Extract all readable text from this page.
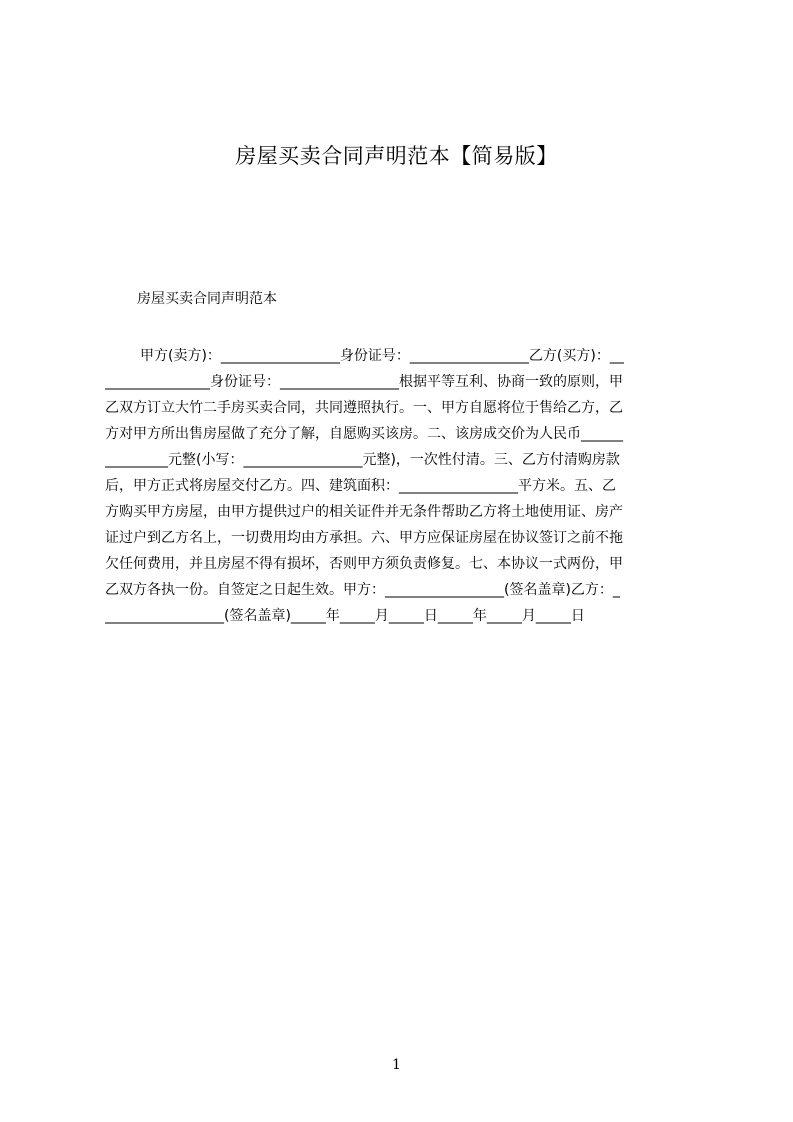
房屋买卖合同声明范本【简易版】
房屋买卖合同声明范本
甲方(卖方)：_________________身份证号：_________________乙方(买方)：__
_______________身份证号：_________________根据平等互利、协商一致的原则，甲
乙双方订立大竹二手房买卖合同，共同遵照执行。一、甲方自愿将位于售给乙方，乙
方对甲方所出售房屋做了充分了解，自愿购买该房。二、该房成交价为人民币______
_________元整(小写：_________________元整)，一次性付清。三、乙方付清购房款
后，甲方正式将房屋交付乙方。四、建筑面积：_________________平方米。五、乙
方购买甲方房屋，由甲方提供过户的相关证件并无条件帮助乙方将土地使用证、房产
证过户到乙方名上，一切费用均由方承担。六、甲方应保证房屋在协议签订之前不拖
欠任何费用，并且房屋不得有损坏，否则甲方须负责修复。七、本协议一式两份，甲
乙双方各执一份。自签定之日起生效。甲方：_________________(签名盖章)乙方：_
_________________(签名盖章)_____年_____月_____日_____年_____月_____日
1
